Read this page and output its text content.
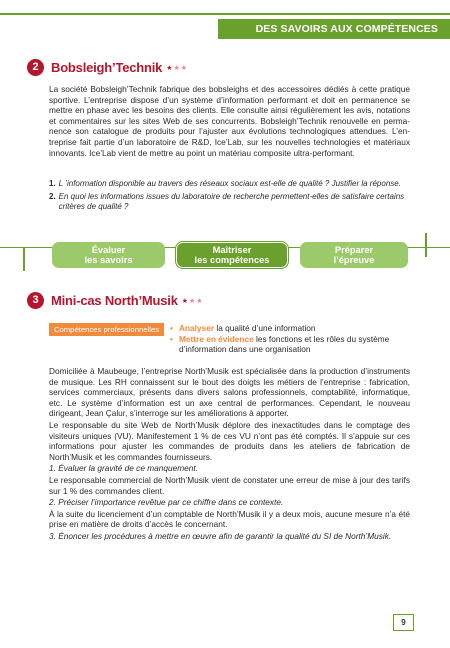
DES SAVOIRS AUX COMPÉTENCES
2 Bobsleigh’Technik ★★★

La société Bobsleigh’Technik fabrique des bobsleighs et des accessoires dédiés à cette pratique sportive. L’entreprise dispose d’un système d’information performant et doit en permanence se mettre en phase avec les besoins des clients. Elle consulte ainsi régulièrement les avis, notations et commentaires sur les sites Web de ses concurrents. Bobsleigh’Technik renouvelle en perma-nence son catalogue de produits pour l’ajuster aux évolutions technologiques attendues. L’en-treprise fait partie d’un laboratoire de R&D, Ice’Lab, sur les nouvelles technologies et matériaux innovants. Ice’Lab vient de mettre au point un matériau composite ultra-performant.

1. L ’information disponible au travers des réseaux sociaux est-elle de qualité ? Justifier la réponse.
2. En quoi les informations issues du laboratoire de recherche permettent-elles de satisfaire certains critères de qualité ?
Évaluer
les savoirs
Maîtriser
les compétences
Préparer
l’épreuve
3 Mini-cas North’Musik ★★★
Compétences professionnelles	• Analyser la qualité d’une information
• Mettre en évidence les fonctions et les rôles du système d’information dans une organisation

Domiciliée à Maubeuge, l’entreprise North’Musik est spécialisée dans la production d’instruments de musique. Les RH connaissent sur le bout des doigts les métiers de l’entreprise : fabrication, services commerciaux, présents dans divers salons professionnels, comptabilité, informatique, etc. Le système d’information est un axe central de performances. Cependant, le nouveau dirigeant, Jean Çalur, s’interroge sur les améliorations à apporter.

Le responsable du site Web de North’Musik déplore des inexactitudes dans le comptage des visiteurs uniques (VU). Manifestement 1 % de ces VU n’ont pas été comptés. Il s’appuie sur ces informations pour ajuster les commandes de produits dans les ateliers de fabrication de North’Musik et les commandes fournisseurs.

1. Évaluer la gravité de ce manquement.

Le responsable commercial de North’Musik vient de constater une erreur de mise à jour des tarifs sur 1 % des commandes client.

2. Préciser l’importance revêtue par ce chiffre dans ce contexte.

À la suite du licenciement d’un comptable de North’Musik il y a deux mois, aucune mesure n’a été prise en matière de droits d’accès le concernant.

3. Énoncer les procédures à mettre en œuvre afin de garantir la qualité du SI de North’Musik.

9
